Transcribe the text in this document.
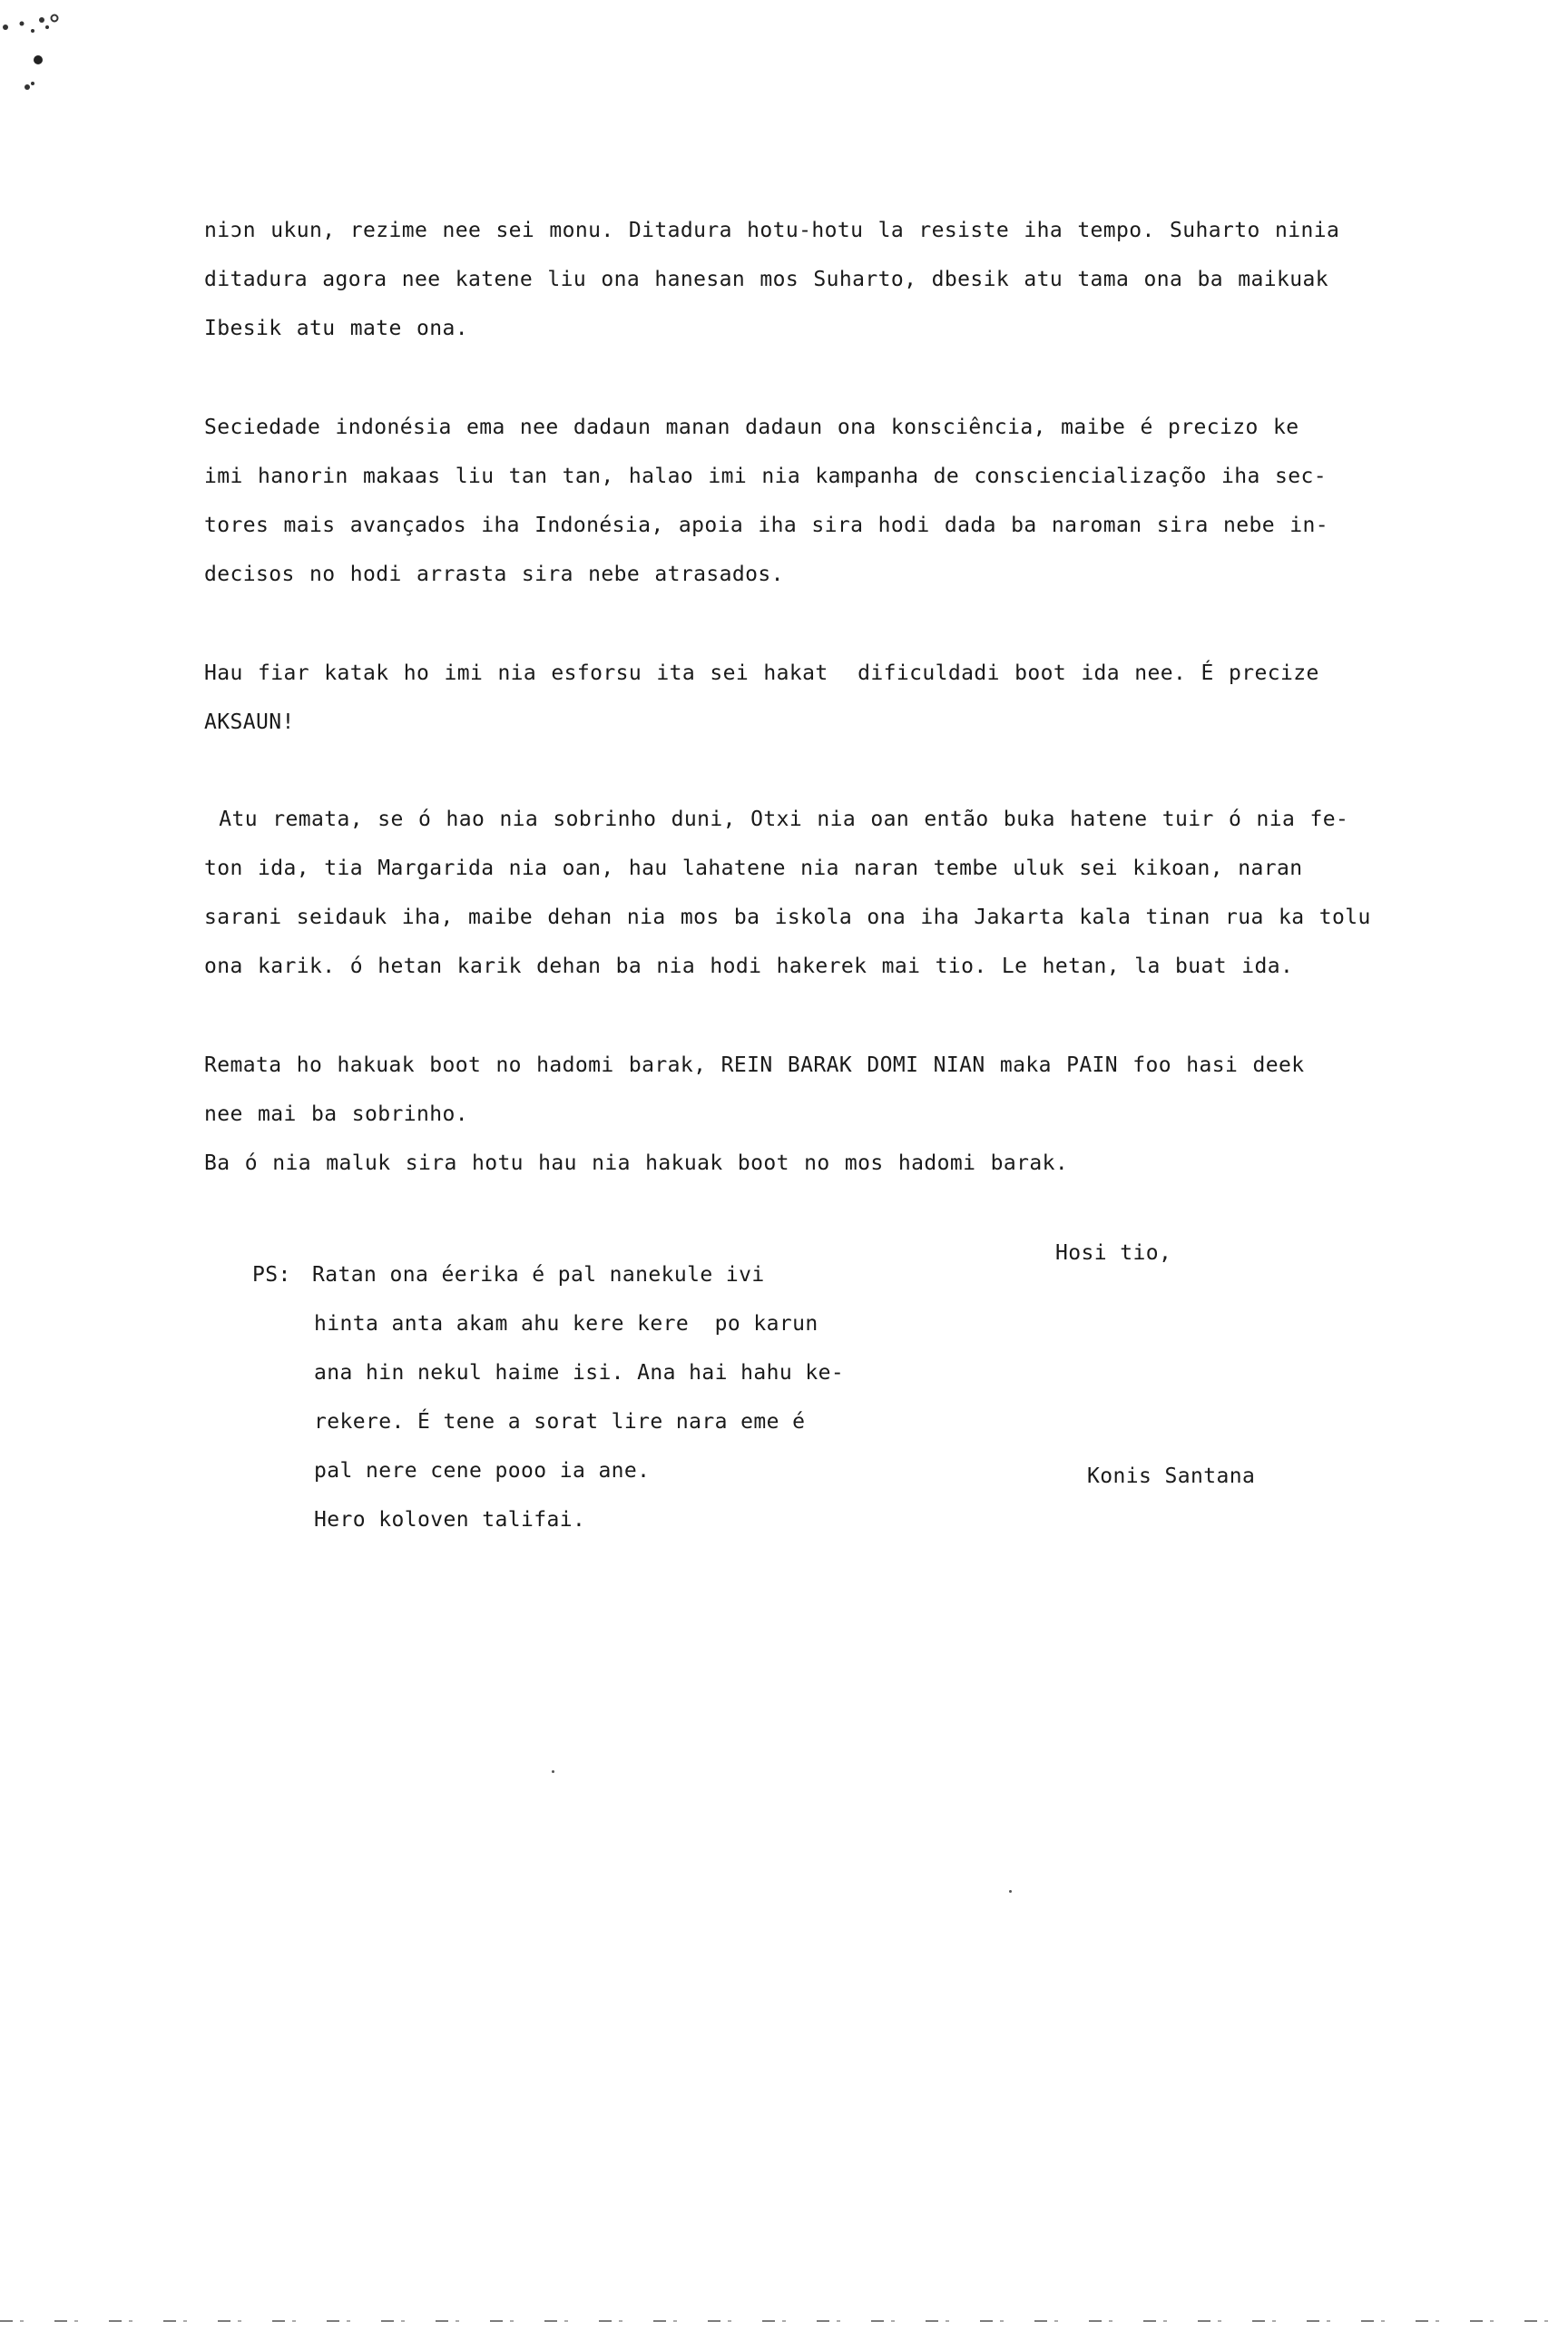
niɔn ukun, rezime nee sei monu. Ditadura hotu-hotu la resiste iha tempo. Suharto ninia
ditadura agora nee katene liu ona hanesan mos Suharto, dbesik atu tama ona ba maikuak
Ibesik atu mate ona.
Seciedade indonésia ema nee dadaun manan dadaun ona konsciência, maibe é precizo ke
imi hanorin makaas liu tan tan, halao imi nia kampanha de consciencializaçõo iha sec-
tores mais avançados iha Indonésia, apoia iha sira hodi dada ba naroman sira nebe in-
decisos no hodi arrasta sira nebe atrasados.
Hau fiar katak ho imi nia esforsu ita sei hakat  dificuldadi boot ida nee. É precize
AKSAUN!
Atu remata, se ó hao nia sobrinho duni, Otxi nia oan então buka hatene tuir ó nia fe-
ton ida, tia Margarida nia oan, hau lahatene nia naran tembe uluk sei kikoan, naran
sarani seidauk iha, maibe dehan nia mos ba iskola ona iha Jakarta kala tinan rua ka tolu
ona karik. ó hetan karik dehan ba nia hodi hakerek mai tio. Le hetan, la buat ida.
Remata ho hakuak boot no hadomi barak, REIN BARAK DOMI NIAN maka PAIN foo hasi deek
nee mai ba sobrinho.
Ba ó nia maluk sira hotu hau nia hakuak boot no mos hadomi barak.
Hosi tio,
PS: Ratan ona éerika é pal nanekule ivi
hinta anta akam ahu kere kere  po karun
ana hin nekul haime isi. Ana hai hahu ke-
rekere. É tene a sorat lire nara eme é
pal nere cene pooo ia ane.
Hero koloven talifai.
Konis Santana
